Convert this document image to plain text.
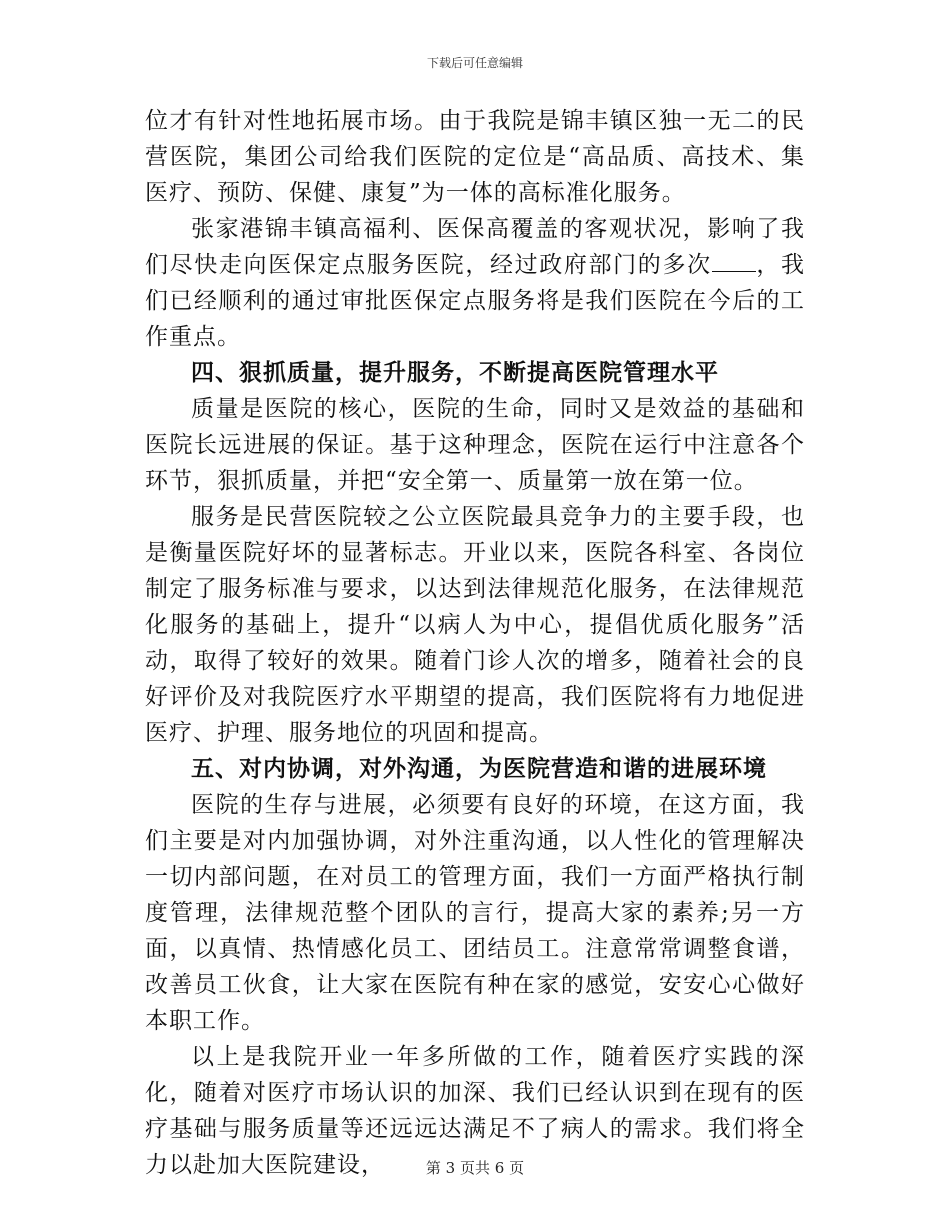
下载后可任意编辑

位才有针对性地拓展市场。由于我院是锦丰镇区独一无二的民营医院，集团公司给我们医院的定位是“高品质、高技术、集医疗、预防、保健、康复”为一体的高标准化服务。

张家港锦丰镇高福利、医保高覆盖的客观状况，影响了我们尽快走向医保定点服务医院，经过政府部门的多次 ，我们已经顺利的通过审批医保定点服务将是我们医院在今后的工作重点。

四、狠抓质量，提升服务，不断提高医院管理水平

质量是医院的核心，医院的生命，同时又是效益的基础和医院长远进展的保证。基于这种理念，医院在运行中注意各个环节，狠抓质量，并把“安全第一、质量第一放在第一位。

服务是民营医院较之公立医院最具竞争力的主要手段，也是衡量医院好坏的显著标志。开业以来，医院各科室、各岗位制定了服务标准与要求，以达到法律规范化服务，在法律规范化服务的基础上，提升“以病人为中心，提倡优质化服务”活动，取得了较好的效果。随着门诊人次的增多，随着社会的良好评价及对我院医疗水平期望的提高，我们医院将有力地促进医疗、护理、服务地位的巩固和提高。

五、对内协调，对外沟通，为医院营造和谐的进展环境

医院的生存与进展，必须要有良好的环境，在这方面，我们主要是对内加强协调，对外注重沟通，以人性化的管理解决一切内部问题，在对员工的管理方面，我们一方面严格执行制度管理，法律规范整个团队的言行，提高大家的素养;另一方面，以真情、热情感化员工、团结员工。注意常常调整食谱，改善员工伙食，让大家在医院有种在家的感觉，安安心心做好本职工作。

以上是我院开业一年多所做的工作，随着医疗实践的深化，随着对医疗市场认识的加深、我们已经认识到在现有的医疗基础与服务质量等还远远达满足不了病人的需求。我们将全力以赴加大医院建设，	第 3 页共 6 页
